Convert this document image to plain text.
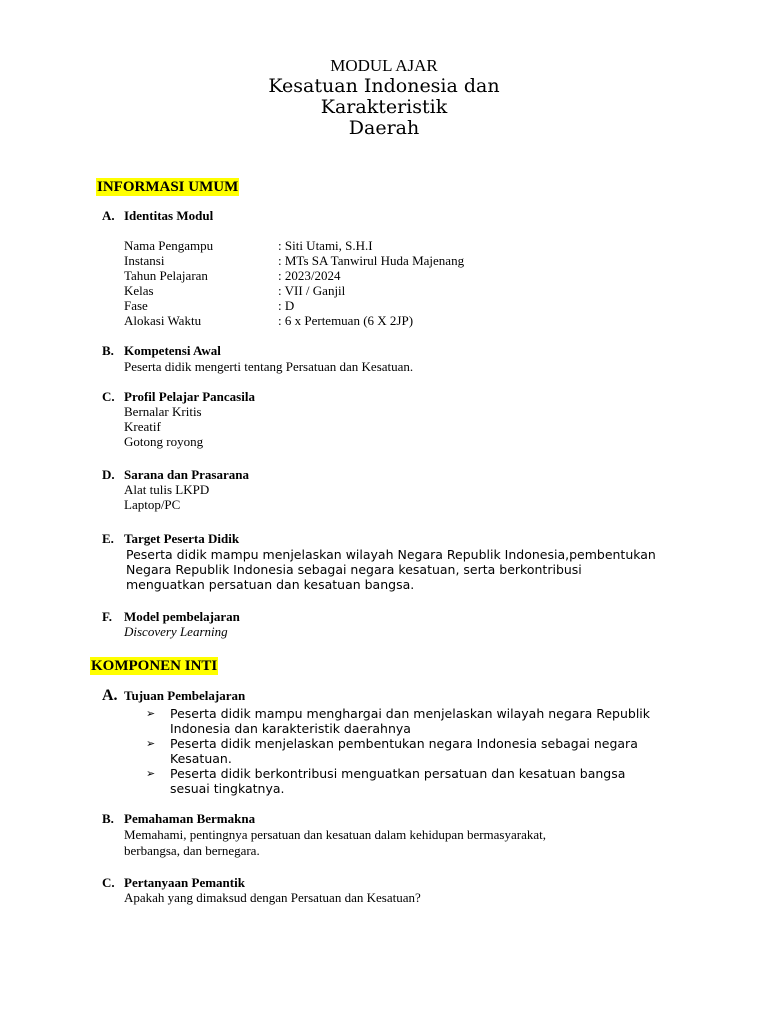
MODUL AJAR
Kesatuan Indonesia dan
Karakteristik
Daerah
INFORMASI UMUM
A. Identitas Modul
Nama Pengampu	: Siti Utami, S.H.I
Instansi	: MTs SA Tanwirul Huda Majenang
Tahun Pelajaran	: 2023/2024
Kelas	: VII / Ganjil
Fase	: D
Alokasi Waktu	: 6 x Pertemuan (6 X 2JP)
B. Kompetensi Awal
Peserta didik mengerti tentang Persatuan dan Kesatuan.
C. Profil Pelajar Pancasila
Bernalar Kritis
Kreatif
Gotong royong
D. Sarana dan Prasarana
Alat tulis LKPD
Laptop/PC
E. Target Peserta Didik
Peserta didik mampu menjelaskan wilayah Negara Republik Indonesia,pembentukan
Negara Republik Indonesia sebagai negara kesatuan, serta berkontribusi
menguatkan persatuan dan kesatuan bangsa.
F. Model pembelajaran
Discovery Learning
KOMPONEN INTI
A. Tujuan Pembelajaran
➢ Peserta didik mampu menghargai dan menjelaskan wilayah negara Republik
Indonesia dan karakteristik daerahnya
➢ Peserta didik menjelaskan pembentukan negara Indonesia sebagai negara
Kesatuan.
➢ Peserta didik berkontribusi menguatkan persatuan dan kesatuan bangsa
sesuai tingkatnya.
B. Pemahaman Bermakna
Memahami, pentingnya persatuan dan kesatuan dalam kehidupan bermasyarakat,
berbangsa, dan bernegara.
C. Pertanyaan Pemantik
Apakah yang dimaksud dengan Persatuan dan Kesatuan?
